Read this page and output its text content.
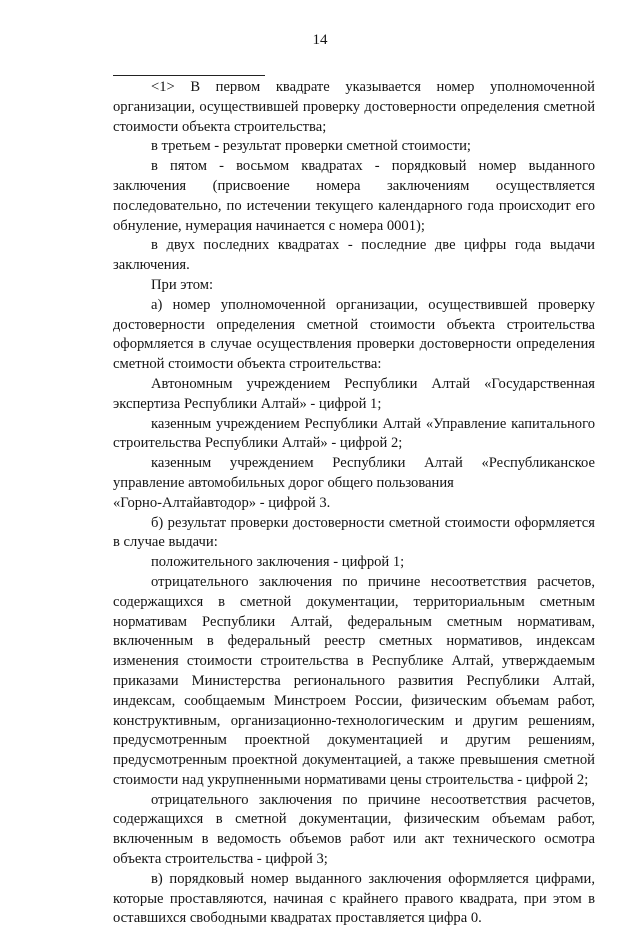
14

<1> В первом квадрате указывается номер уполномоченной организации, осуществившей проверку достоверности определения сметной стоимости объекта строительства;

в третьем - результат проверки сметной стоимости;

в пятом - восьмом квадратах - порядковый номер выданного заключения (присвоение номера заключениям осуществляется последовательно, по истечении текущего календарного года происходит его обнуление, нумерация начинается с номера 0001);

в двух последних квадратах - последние две цифры года выдачи заключения.

При этом:

а) номер уполномоченной организации, осуществившей проверку достоверности определения сметной стоимости объекта строительства оформляется в случае осуществления проверки достоверности определения сметной стоимости объекта строительства:

Автономным учреждением Республики Алтай «Государственная экспертиза Республики Алтай» - цифрой 1;

казенным учреждением Республики Алтай «Управление капитального строительства Республики Алтай» - цифрой 2;

казенным учреждением Республики Алтай «Республиканское управление автомобильных дорог общего пользования

«Горно-Алтайавтодор» - цифрой 3.

б) результат проверки достоверности сметной стоимости оформляется в случае выдачи:

положительного заключения - цифрой 1;

отрицательного заключения по причине несоответствия расчетов, содержащихся в сметной документации, территориальным сметным нормативам Республики Алтай, федеральным сметным нормативам, включенным в федеральный реестр сметных нормативов, индексам изменения стоимости строительства в Республике Алтай, утверждаемым приказами Министерства регионального развития Республики Алтай, индексам, сообщаемым Минстроем России, физическим объемам работ, конструктивным, организационно-технологическим и другим решениям, предусмотренным проектной документацией и другим решениям, предусмотренным проектной документацией, а также превышения сметной стоимости над укрупненными нормативами цены строительства - цифрой 2;

отрицательного заключения по причине несоответствия расчетов, содержащихся в сметной документации, физическим объемам работ, включенным в ведомость объемов работ или акт технического осмотра объекта строительства - цифрой 3;

в) порядковый номер выданного заключения оформляется цифрами, которые проставляются, начиная с крайнего правого квадрата, при этом в оставшихся свободными квадратах проставляется цифра 0.
